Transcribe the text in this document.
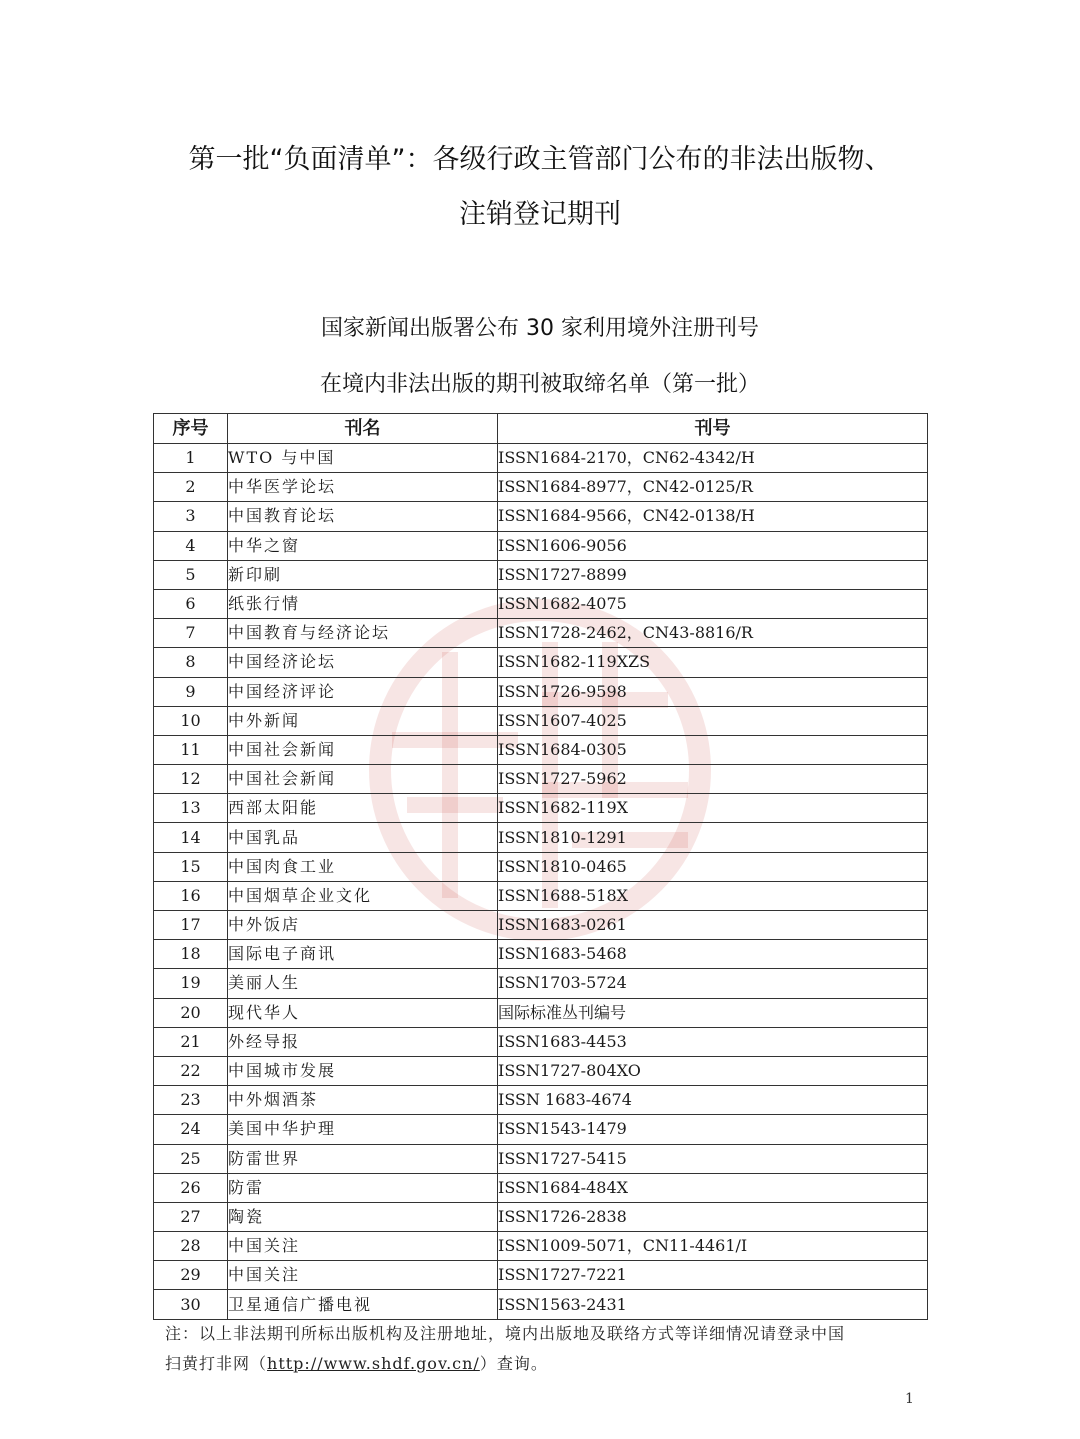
第一批“负面清单”：各级行政主管部门公布的非法出版物、
注销登记期刊
国家新闻出版署公布 30 家利用境外注册刊号
在境内非法出版的期刊被取缔名单（第一批）
序号	刊名	刊号
1	WTO 与中国	ISSN1684-2170，CN62-4342/H
2	中华医学论坛	ISSN1684-8977，CN42-0125/R
3	中国教育论坛	ISSN1684-9566，CN42-0138/H
4	中华之窗	ISSN1606-9056
5	新印刷	ISSN1727-8899
6	纸张行情	ISSN1682-4075
7	中国教育与经济论坛	ISSN1728-2462，CN43-8816/R
8	中国经济论坛	ISSN1682-119XZS
9	中国经济评论	ISSN1726-9598
10	中外新闻	ISSN1607-4025
11	中国社会新闻	ISSN1684-0305
12	中国社会新闻	ISSN1727-5962
13	西部太阳能	ISSN1682-119X
14	中国乳品	ISSN1810-1291
15	中国肉食工业	ISSN1810-0465
16	中国烟草企业文化	ISSN1688-518X
17	中外饭店	ISSN1683-0261
18	国际电子商讯	ISSN1683-5468
19	美丽人生	ISSN1703-5724
20	现代华人	国际标准丛刊编号
21	外经导报	ISSN1683-4453
22	中国城市发展	ISSN1727-804XO
23	中外烟酒茶	ISSN 1683-4674
24	美国中华护理	ISSN1543-1479
25	防雷世界	ISSN1727-5415
26	防雷	ISSN1684-484X
27	陶瓷	ISSN1726-2838
28	中国关注	ISSN1009-5071，CN11-4461/I
29	中国关注	ISSN1727-7221
30	卫星通信广播电视	ISSN1563-2431
注：以上非法期刊所标出版机构及注册地址，境内出版地及联络方式等详细情况请登录中国
扫黄打非网（http://www.shdf.gov.cn/）查询。
1
